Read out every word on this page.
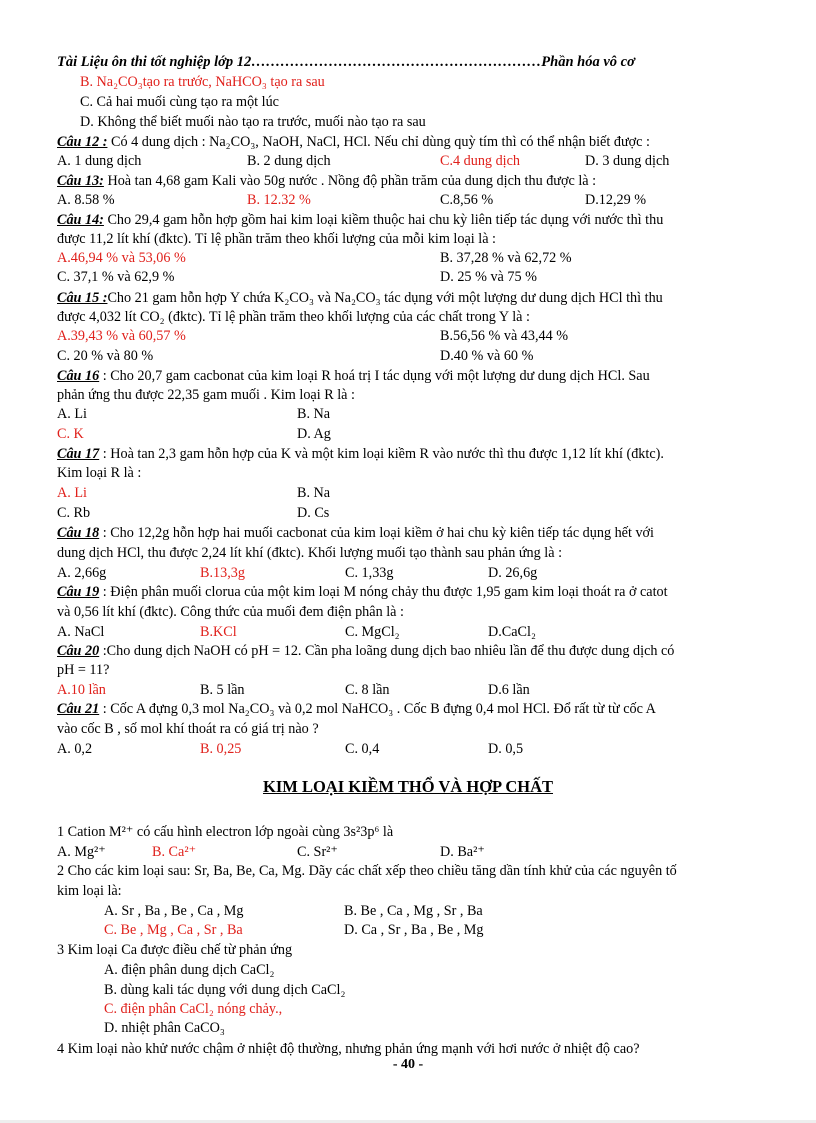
Tài Liệu ôn thi tốt nghiệp lớp 12……………………………………………………Phần hóa vô cơ
B. Na₂CO₃tạo ra trước, NaHCO₃ tạo ra sau
C. Cả hai muối cùng tạo ra một lúc
D. Không thể biết muối nào tạo ra trước, muối nào tạo ra sau
Câu 12 : Có 4 dung dịch : Na₂CO₃, NaOH, NaCl, HCl. Nếu chỉ dùng quỳ tím thì có thể nhận biết được :
A. 1 dung dịch	B. 2 dung dịch	C.4 dung dịch	D. 3 dung dịch
Câu 13: Hoà tan 4,68 gam Kali vào 50g nước . Nồng độ phần trăm của dung dịch thu được là :
A. 8.58 %	B. 12.32 %	C.8,56 %	D.12,29 %
Câu 14: Cho 29,4 gam hỗn hợp gồm hai kim loại kiềm thuộc hai chu kỳ liên tiếp tác dụng với nước thì thu
được 11,2 lít khí (đktc). Tỉ lệ phần trăm theo khối lượng của mỗi kim loại là :
A.46,94 % và 53,06 %	B. 37,28 % và 62,72 %
C. 37,1 % và 62,9 %	D. 25 % và 75 %
Câu 15 :Cho 21 gam hỗn hợp Y chứa K₂CO₃ và Na₂CO₃ tác dụng với một lượng dư dung dịch HCl thì thu
được 4,032 lít CO₂ (đktc). Tỉ lệ phần trăm theo khối lượng của các chất trong Y là :
A.39,43 % và 60,57 %	B.56,56 % và 43,44 %
C. 20 % và 80 %	D.40 % và 60 %
Câu 16 : Cho 20,7 gam cacbonat của kim loại R hoá trị I tác dụng với một lượng dư dung dịch HCl. Sau
phản ứng thu được 22,35 gam muối . Kim loại R là :
A. Li	B. Na
C. K	D. Ag
Câu 17 : Hoà tan 2,3 gam hỗn hợp của K và một kim loại kiềm R vào nước thì thu được 1,12 lít khí (đktc).
Kim loại R là :
A. Li	B. Na
C. Rb	D. Cs
Câu 18 : Cho 12,2g hỗn hợp hai muối cacbonat của kim loại kiềm ở hai chu kỳ kiên tiếp tác dụng hết với
dung dịch HCl, thu được 2,24 lít khí (đktc). Khối lượng muối tạo thành sau phản ứng là :
A. 2,66g	B.13,3g	C. 1,33g	D. 26,6g
Câu 19 : Điện phân muối clorua của một kim loại M nóng chảy thu được 1,95 gam kim loại thoát ra ở catot
và 0,56 lít khí (đktc). Công thức của muối đem điện phân là :
A. NaCl	B.KCl	C. MgCl₂	D.CaCl₂
Câu 20 :Cho dung dịch NaOH có pH = 12. Cần pha loãng dung dịch bao nhiêu lần để thu được dung dịch có
pH = 11?
A.10 lần	B. 5 lần	C. 8 lần	D.6 lần
Câu 21 : Cốc A đựng 0,3 mol Na₂CO₃ và 0,2 mol NaHCO₃ . Cốc B đựng 0,4 mol HCl. Đổ rất từ từ cốc A
vào cốc B , số mol khí thoát ra có giá trị nào ?
A. 0,2	B. 0,25	C. 0,4	D. 0,5
KIM LOẠI KIỀM THỔ VÀ HỢP CHẤT
1 Cation M²⁺ có cấu hình electron lớp ngoài cùng 3s²3p⁶ là
A. Mg²⁺	B. Ca²⁺	C. Sr²⁺	D. Ba²⁺
2 Cho các kim loại sau: Sr, Ba, Be, Ca, Mg. Dãy các chất xếp theo chiều tăng dần tính khử của các nguyên tố
kim loại là:
A. Sr , Ba , Be , Ca , Mg	B. Be , Ca , Mg , Sr , Ba
C. Be , Mg , Ca , Sr , Ba	D. Ca , Sr , Ba , Be , Mg
3 Kim loại Ca được điều chế từ phản ứng
A. điện phân dung dịch CaCl₂
B. dùng kali tác dụng với dung dịch CaCl₂
C. điện phân CaCl₂ nóng chảy.,
D. nhiệt phân CaCO₃
4 Kim loại nào khử nước chậm ở nhiệt độ thường, nhưng phản ứng mạnh với hơi nước ở nhiệt độ cao?
- 40 -
